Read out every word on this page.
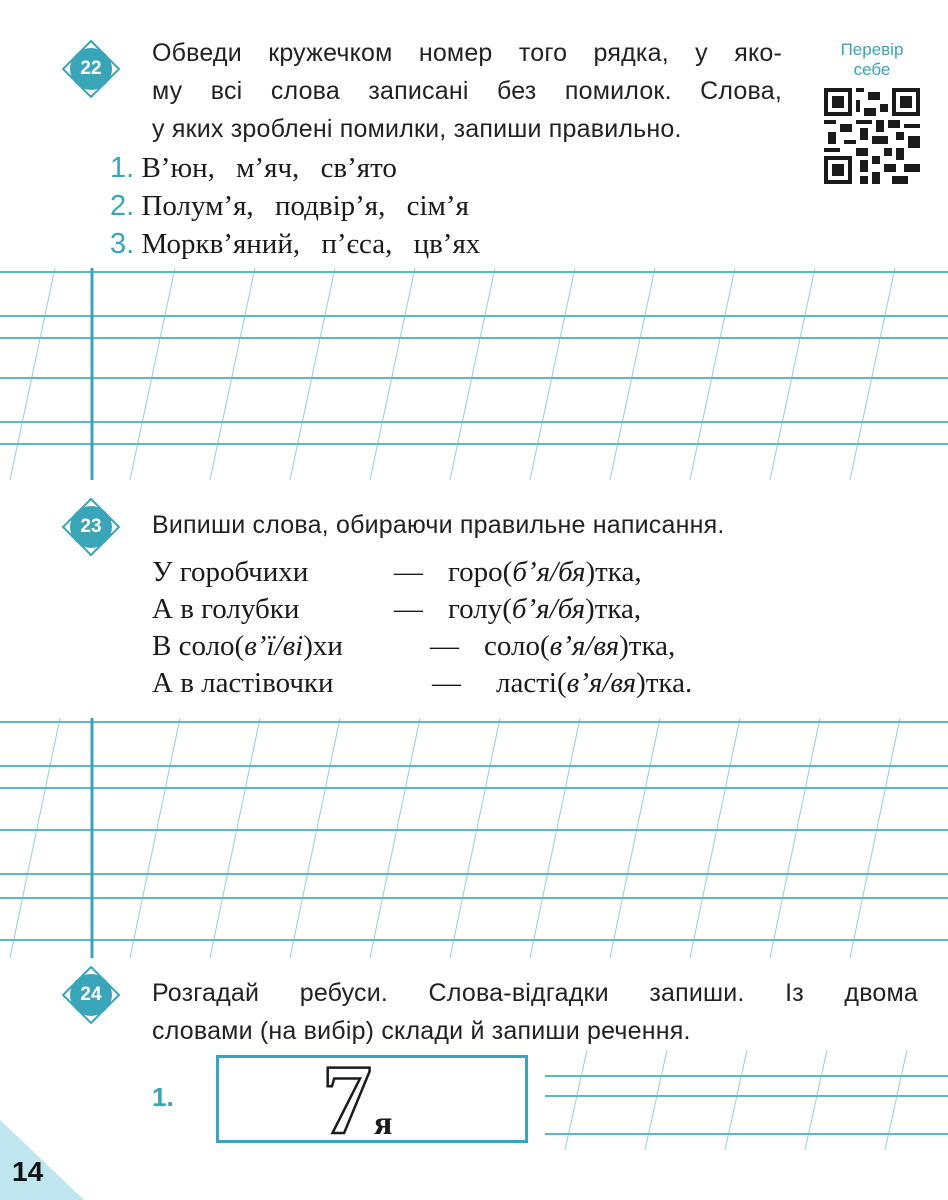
22

Обведи кружечком номер того рядка, у яко-

му всі слова записані без помилок. Слова,

у яких зроблені помилки, запиши правильно.

Перевір
себе
1. В’юн, м’яч, св’ято
2. Полум’я, подвір’я, сім’я
3. Морквʼяний, п’єса, цв’ях
23	Випиши слова, обираючи правильне написання.

У горобчихи	— горо(б’я/бя)тка,
А в голубки	— голу(б’я/бя)тка,
В соло(в’ї/ві)хи	— соло(в’я/вя)тка,
А в ластівочки	— ласті(в’я/вя)тка.
24	Розгадай ребуси. Слова-відгадки запиши. Із двома

словами (на вибір) склади й запиши речення.

1. 7 я
14
